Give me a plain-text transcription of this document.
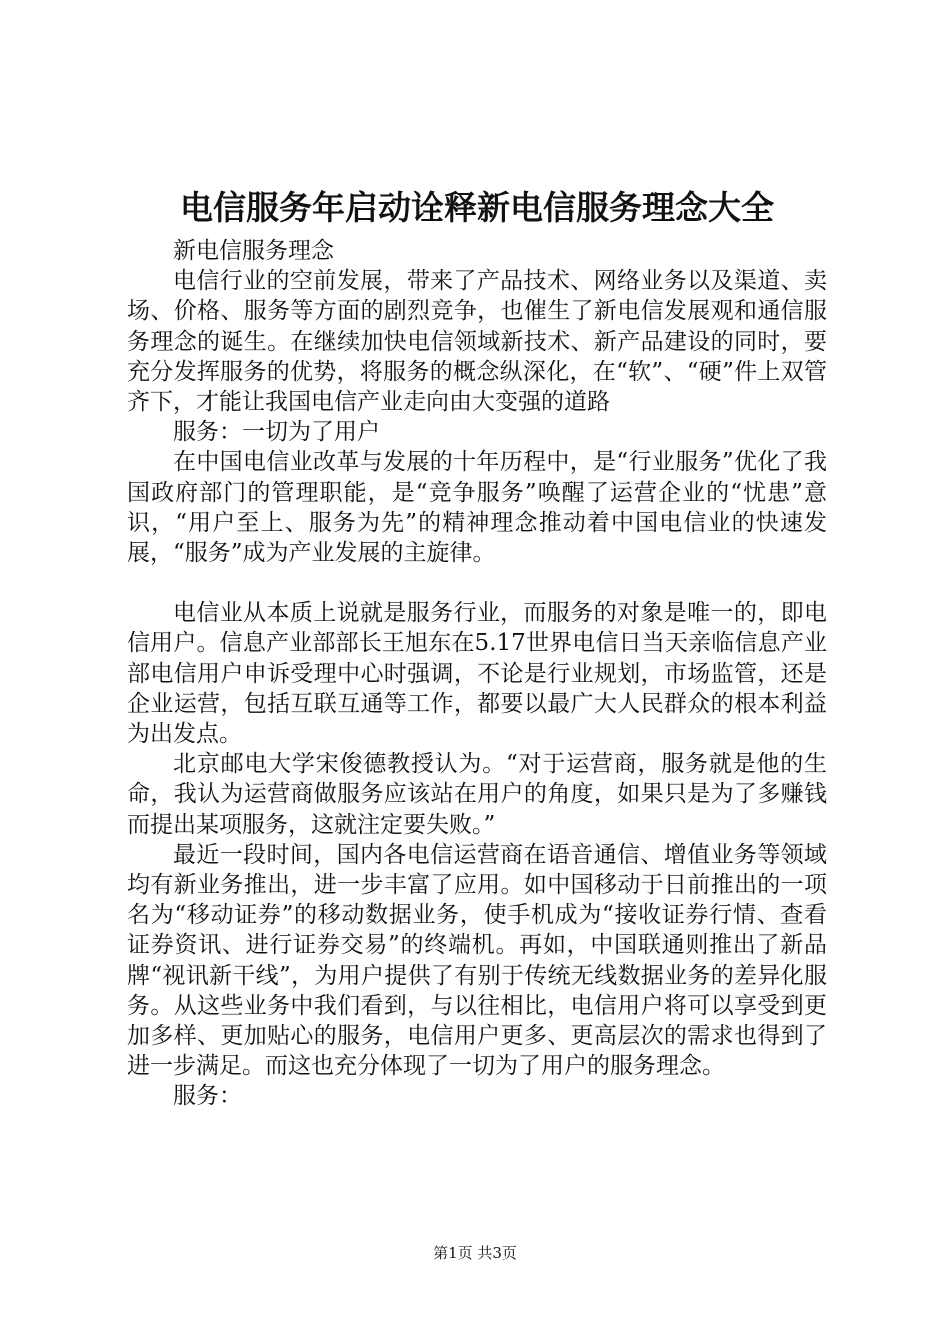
电信服务年启动诠释新电信服务理念大全

新电信服务理念

电信行业的空前发展，带来了产品技术、网络业务以及渠道、卖场、价格、服务等方面的剧烈竞争，也催生了新电信发展观和通信服务理念的诞生。在继续加快电信领域新技术、新产品建设的同时，要充分发挥服务的优势，将服务的概念纵深化，在“软”、“硬”件上双管齐下，才能让我国电信产业走向由大变强的道路

服务：一切为了用户

在中国电信业改革与发展的十年历程中，是“行业服务”优化了我国政府部门的管理职能，是“竞争服务”唤醒了运营企业的“忧患”意识，“用户至上、服务为先”的精神理念推动着中国电信业的快速发展，“服务”成为产业发展的主旋律。

电信业从本质上说就是服务行业，而服务的对象是唯一的，即电信用户。信息产业部部长王旭东在5.17世界电信日当天亲临信息产业部电信用户申诉受理中心时强调，不论是行业规划，市场监管，还是企业运营，包括互联互通等工作，都要以最广大人民群众的根本利益为出发点。

北京邮电大学宋俊德教授认为。“对于运营商，服务就是他的生命，我认为运营商做服务应该站在用户的角度，如果只是为了多赚钱而提出某项服务，这就注定要失败。”

最近一段时间，国内各电信运营商在语音通信、增值业务等领域均有新业务推出，进一步丰富了应用。如中国移动于日前推出的一项名为“移动证券”的移动数据业务，使手机成为“接收证券行情、查看证券资讯、进行证券交易”的终端机。再如，中国联通则推出了新品牌“视讯新干线”，为用户提供了有别于传统无线数据业务的差异化服务。从这些业务中我们看到，与以往相比，电信用户将可以享受到更加多样、更加贴心的服务，电信用户更多、更高层次的需求也得到了进一步满足。而这也充分体现了一切为了用户的服务理念。

服务：

第1页 共3页
